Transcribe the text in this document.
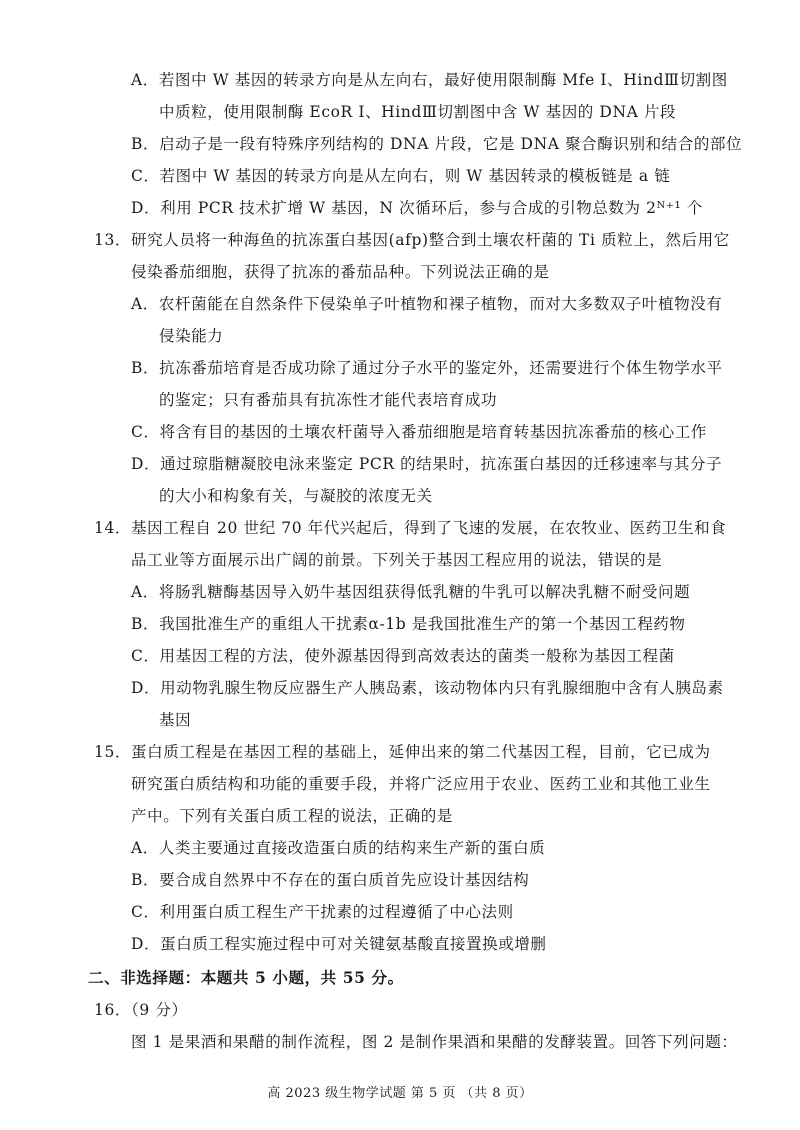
A．若图中 W 基因的转录方向是从左向右，最好使用限制酶 Mfe Ⅰ、HindⅢ切割图
中质粒，使用限制酶 EcoR Ⅰ、HindⅢ切割图中含 W 基因的 DNA 片段
B．启动子是一段有特殊序列结构的 DNA 片段，它是 DNA 聚合酶识别和结合的部位
C．若图中 W 基因的转录方向是从左向右，则 W 基因转录的模板链是 a 链
D．利用 PCR 技术扩增 W 基因，N 次循环后，参与合成的引物总数为 2ᴺ⁺¹ 个
13．研究人员将一种海鱼的抗冻蛋白基因(afp)整合到土壤农杆菌的 Ti 质粒上，然后用它
侵染番茄细胞，获得了抗冻的番茄品种。下列说法正确的是
A．农杆菌能在自然条件下侵染单子叶植物和裸子植物，而对大多数双子叶植物没有
侵染能力
B．抗冻番茄培育是否成功除了通过分子水平的鉴定外，还需要进行个体生物学水平
的鉴定；只有番茄具有抗冻性才能代表培育成功
C．将含有目的基因的土壤农杆菌导入番茄细胞是培育转基因抗冻番茄的核心工作
D．通过琼脂糖凝胶电泳来鉴定 PCR 的结果时，抗冻蛋白基因的迁移速率与其分子
的大小和构象有关，与凝胶的浓度无关
14．基因工程自 20 世纪 70 年代兴起后，得到了飞速的发展，在农牧业、医药卫生和食
品工业等方面展示出广阔的前景。下列关于基因工程应用的说法，错误的是
A．将肠乳糖酶基因导入奶牛基因组获得低乳糖的牛乳可以解决乳糖不耐受问题
B．我国批准生产的重组人干扰素α-1b 是我国批准生产的第一个基因工程药物
C．用基因工程的方法，使外源基因得到高效表达的菌类一般称为基因工程菌
D．用动物乳腺生物反应器生产人胰岛素，该动物体内只有乳腺细胞中含有人胰岛素
基因
15．蛋白质工程是在基因工程的基础上，延伸出来的第二代基因工程，目前，它已成为
研究蛋白质结构和功能的重要手段，并将广泛应用于农业、医药工业和其他工业生
产中。下列有关蛋白质工程的说法，正确的是
A．人类主要通过直接改造蛋白质的结构来生产新的蛋白质
B．要合成自然界中不存在的蛋白质首先应设计基因结构
C．利用蛋白质工程生产干扰素的过程遵循了中心法则
D．蛋白质工程实施过程中可对关键氨基酸直接置换或增删
二、非选择题：本题共 5 小题，共 55 分。
16．（9 分）
图 1 是果酒和果醋的制作流程，图 2 是制作果酒和果醋的发酵装置。回答下列问题：
高 2023 级生物学试题 第 5 页 （共 8 页）
